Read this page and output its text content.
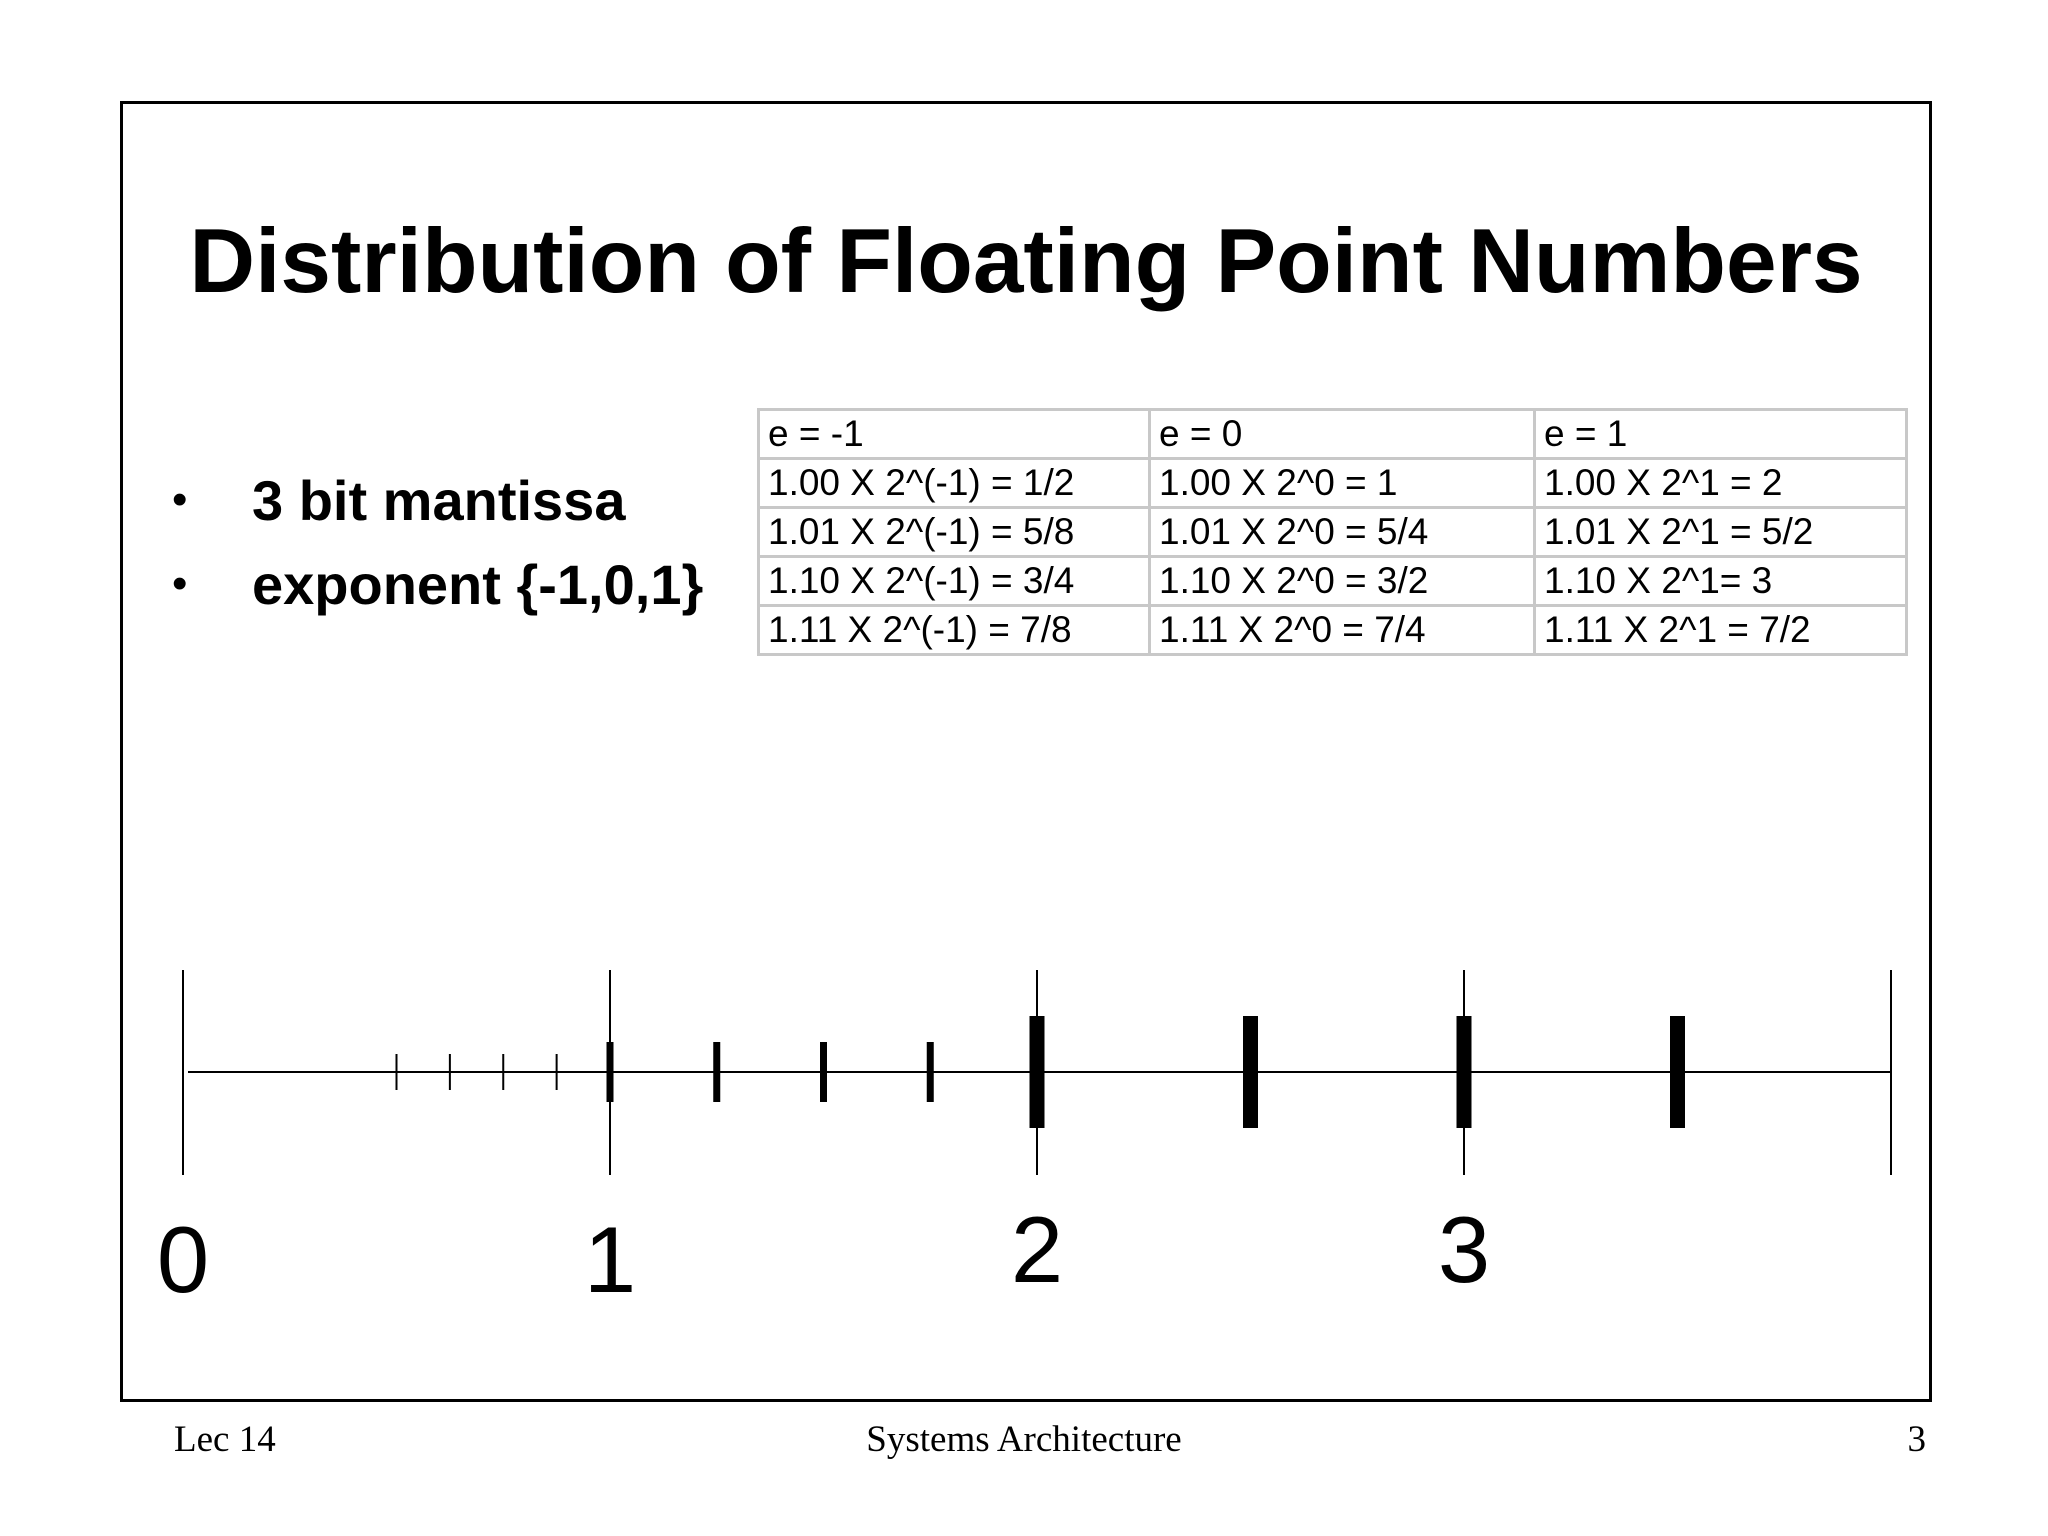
Distribution of Floating Point Numbers
•	3 bit mantissa
•	exponent {-1,0,1}
e = -1	e = 0	e = 1
1.00 X 2^(-1) = 1/2	1.00 X 2^0 = 1	1.00 X 2^1 = 2
1.01 X 2^(-1) = 5/8	1.01 X 2^0 = 5/4	1.01 X 2^1 = 5/2
1.10 X 2^(-1) = 3/4	1.10 X 2^0 = 3/2	1.10 X 2^1= 3
1.11 X 2^(-1) = 7/8	1.11 X 2^0 = 7/4	1.11 X 2^1 = 7/2
0	1	2	3
Lec 14	Systems Architecture	3
